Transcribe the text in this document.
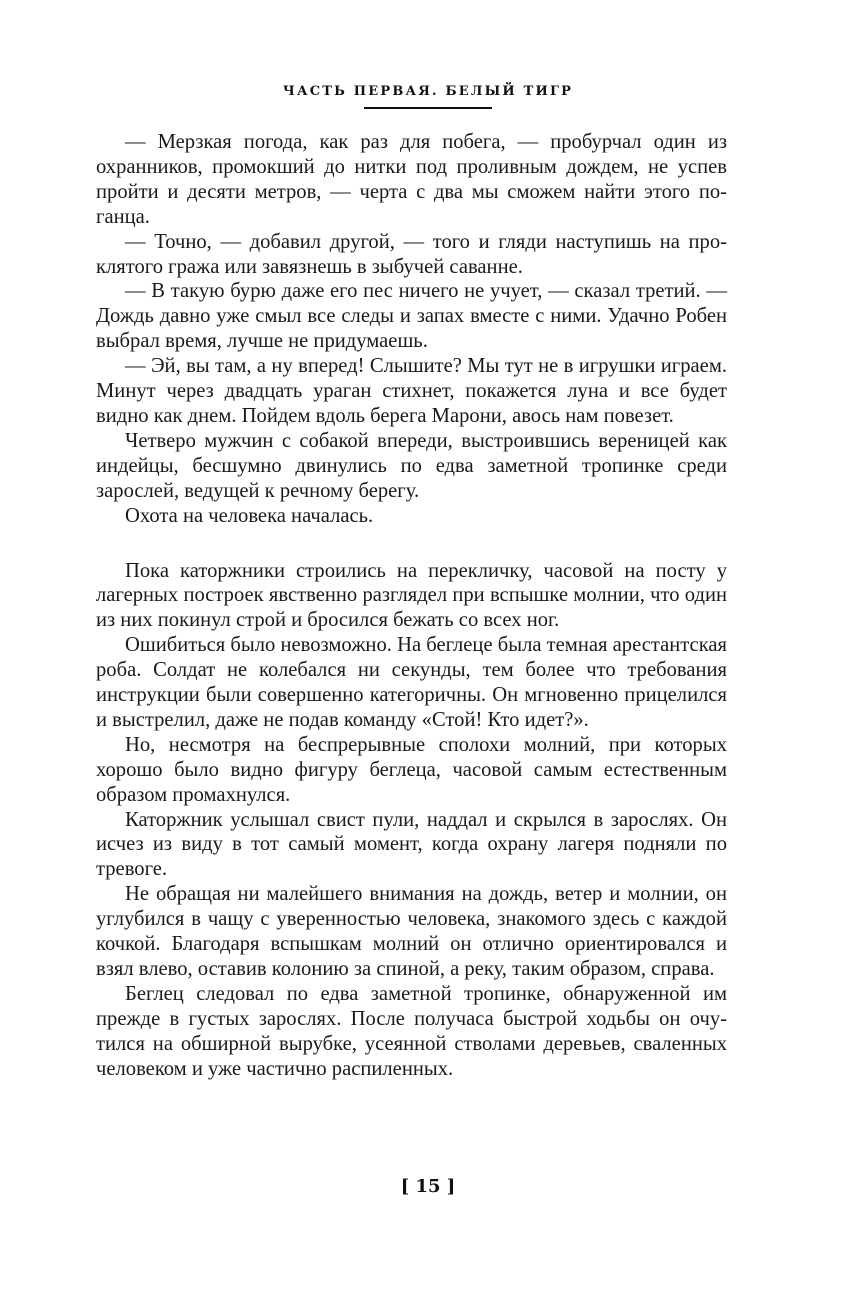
ЧАСТЬ ПЕРВАЯ. БЕЛЫЙ ТИГР

— Мерзкая погода, как раз для побега, — пробурчал один из охранников, промокший до нитки под проливным дождем, не успев пройти и десяти метров, — черта с два мы сможем найти этого поганца.

— Точно, — добавил другой, — того и гляди наступишь на проклятого гража или завязнешь в зыбучей саванне.

— В такую бурю даже его пес ничего не учует, — сказал третий. — Дождь давно уже смыл все следы и запах вместе с ними. Удачно Робен выбрал время, лучше не придумаешь.

— Эй, вы там, а ну вперед! Слышите? Мы тут не в игрушки играем. Минут через двадцать ураган стихнет, покажется луна и все будет видно как днем. Пойдем вдоль берега Марони, авось нам повезет.

Четверо мужчин с собакой впереди, выстроившись вереницей как индейцы, бесшумно двинулись по едва заметной тропинке среди зарослей, ведущей к речному берегу.

Охота на человека началась.

Пока каторжники строились на перекличку, часовой на посту у лагерных построек явственно разглядел при вспышке молнии, что один из них покинул строй и бросился бежать со всех ног.

Ошибиться было невозможно. На беглеце была темная арестантская роба. Солдат не колебался ни секунды, тем более что требования инструкции были совершенно категоричны. Он мгновенно прицелился и выстрелил, даже не подав команду «Стой! Кто идет?».

Но, несмотря на беспрерывные сполохи молний, при которых хорошо было видно фигуру беглеца, часовой самым естественным образом промахнулся.

Каторжник услышал свист пули, наддал и скрылся в зарослях. Он исчез из виду в тот самый момент, когда охрану лагеря подняли по тревоге.

Не обращая ни малейшего внимания на дождь, ветер и молнии, он углубился в чащу с уверенностью человека, знакомого здесь с каждой кочкой. Благодаря вспышкам молний он отлично ориентировался и взял влево, оставив колонию за спиной, а реку, таким образом, справа.

Беглец следовал по едва заметной тропинке, обнаруженной им прежде в густых зарослях. После получаса быстрой ходьбы он очутился на обширной вырубке, усеянной стволами деревьев, сваленных человеком и уже частично распиленных.

[ 15 ]
